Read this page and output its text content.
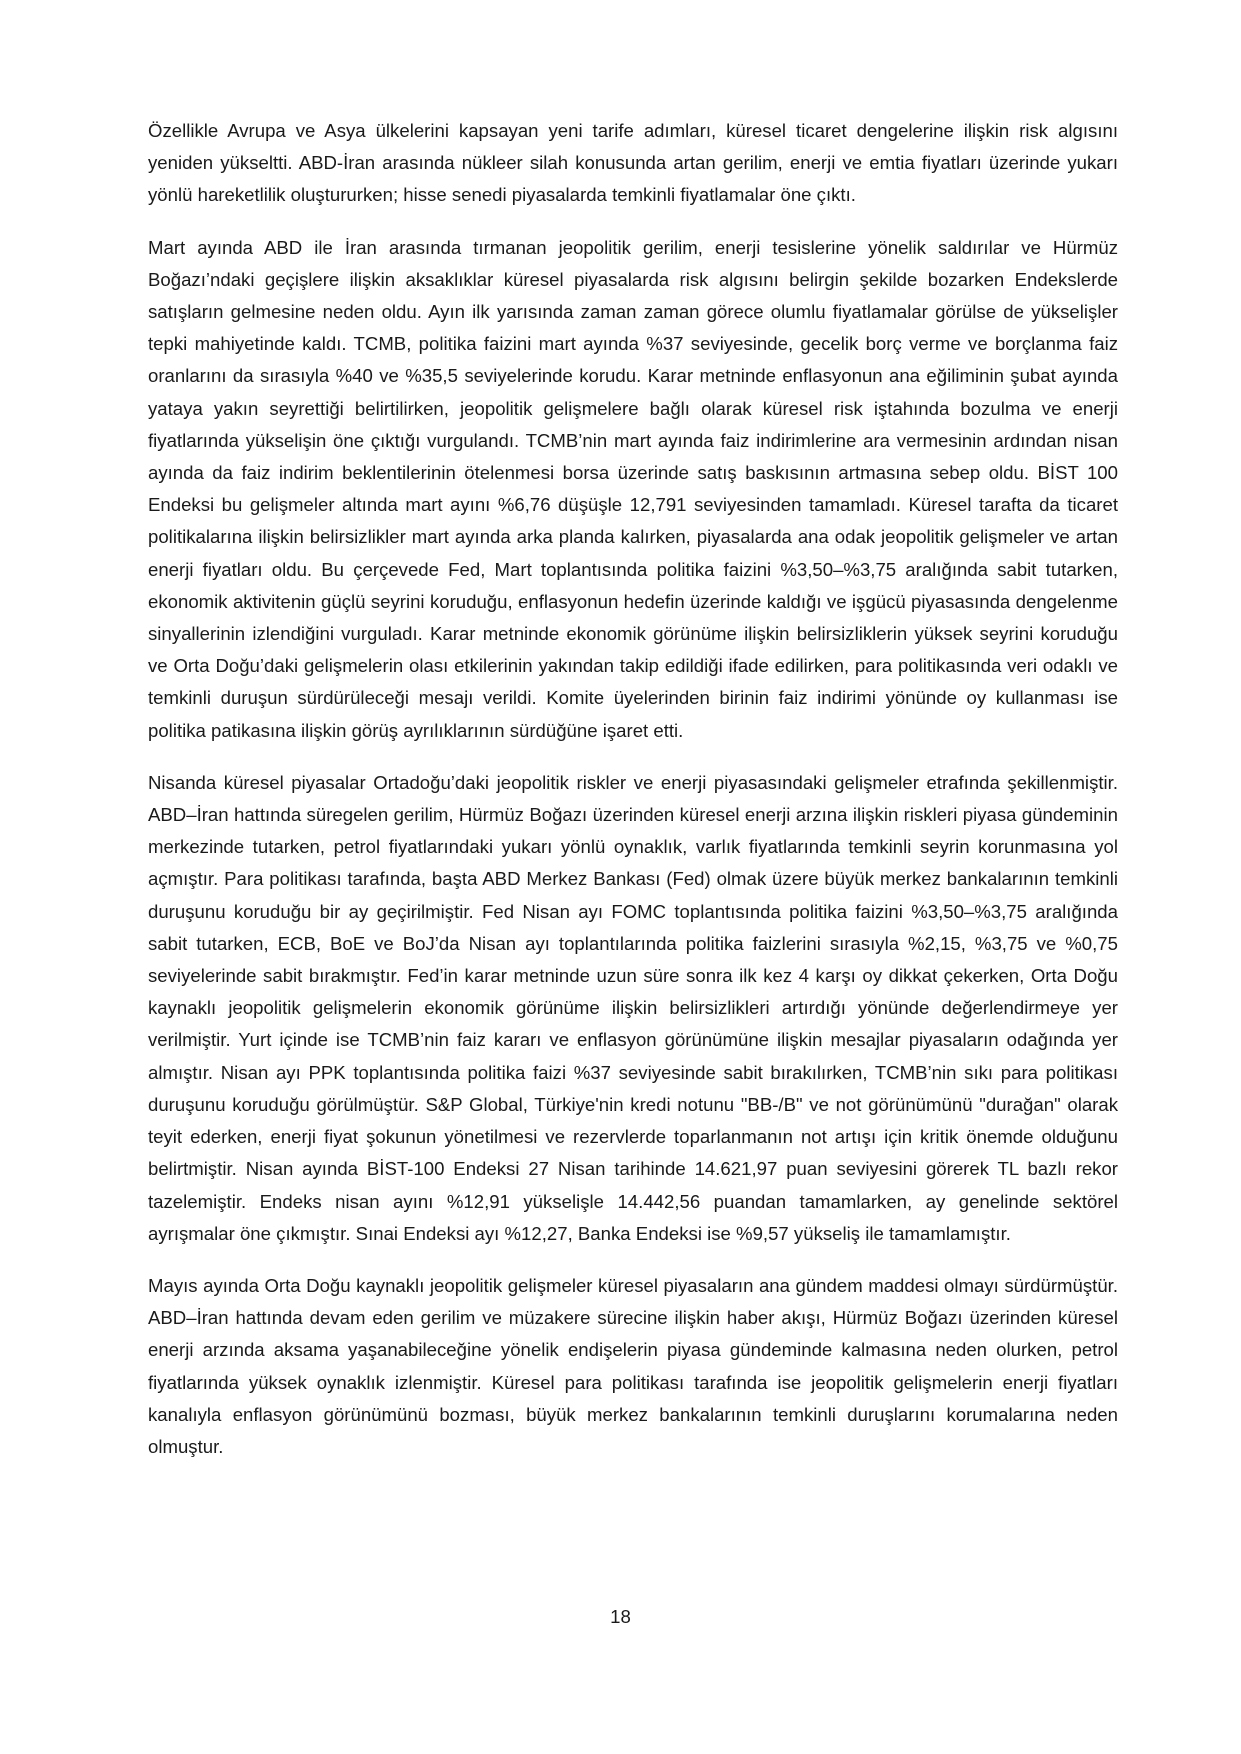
Özellikle Avrupa ve Asya ülkelerini kapsayan yeni tarife adımları, küresel ticaret dengelerine ilişkin risk algısını yeniden yükseltti. ABD-İran arasında nükleer silah konusunda artan gerilim, enerji ve emtia fiyatları üzerinde yukarı yönlü hareketlilik oluştururken; hisse senedi piyasalarda temkinli fiyatlamalar öne çıktı.

Mart ayında ABD ile İran arasında tırmanan jeopolitik gerilim, enerji tesislerine yönelik saldırılar ve Hürmüz Boğazı’ndaki geçişlere ilişkin aksaklıklar küresel piyasalarda risk algısını belirgin şekilde bozarken Endekslerde satışların gelmesine neden oldu. Ayın ilk yarısında zaman zaman görece olumlu fiyatlamalar görülse de yükselişler tepki mahiyetinde kaldı. TCMB, politika faizini mart ayında %37 seviyesinde, gecelik borç verme ve borçlanma faiz oranlarını da sırasıyla %40 ve %35,5 seviyelerinde korudu. Karar metninde enflasyonun ana eğiliminin şubat ayında yataya yakın seyrettiği belirtilirken, jeopolitik gelişmelere bağlı olarak küresel risk iştahında bozulma ve enerji fiyatlarında yükselişin öne çıktığı vurgulandı. TCMB’nin mart ayında faiz indirimlerine ara vermesinin ardından nisan ayında da faiz indirim beklentilerinin ötelenmesi borsa üzerinde satış baskısının artmasına sebep oldu. BİST 100 Endeksi bu gelişmeler altında mart ayını %6,76 düşüşle 12,791 seviyesinden tamamladı. Küresel tarafta da ticaret politikalarına ilişkin belirsizlikler mart ayında arka planda kalırken, piyasalarda ana odak jeopolitik gelişmeler ve artan enerji fiyatları oldu. Bu çerçevede Fed, Mart toplantısında politika faizini %3,50–%3,75 aralığında sabit tutarken, ekonomik aktivitenin güçlü seyrini koruduğu, enflasyonun hedefin üzerinde kaldığı ve işgücü piyasasında dengelenme sinyallerinin izlendiğini vurguladı. Karar metninde ekonomik görünüme ilişkin belirsizliklerin yüksek seyrini koruduğu ve Orta Doğu’daki gelişmelerin olası etkilerinin yakından takip edildiği ifade edilirken, para politikasında veri odaklı ve temkinli duruşun sürdürüleceği mesajı verildi. Komite üyelerinden birinin faiz indirimi yönünde oy kullanması ise politika patikasına ilişkin görüş ayrılıklarının sürdüğüne işaret etti.

Nisanda küresel piyasalar Ortadoğu’daki jeopolitik riskler ve enerji piyasasındaki gelişmeler etrafında şekillenmiştir. ABD–İran hattında süregelen gerilim, Hürmüz Boğazı üzerinden küresel enerji arzına ilişkin riskleri piyasa gündeminin merkezinde tutarken, petrol fiyatlarındaki yukarı yönlü oynaklık, varlık fiyatlarında temkinli seyrin korunmasına yol açmıştır. Para politikası tarafında, başta ABD Merkez Bankası (Fed) olmak üzere büyük merkez bankalarının temkinli duruşunu koruduğu bir ay geçirilmiştir. Fed Nisan ayı FOMC toplantısında politika faizini %3,50–%3,75 aralığında sabit tutarken, ECB, BoE ve BoJ’da Nisan ayı toplantılarında politika faizlerini sırasıyla %2,15, %3,75 ve %0,75 seviyelerinde sabit bırakmıştır. Fed’in karar metninde uzun süre sonra ilk kez 4 karşı oy dikkat çekerken, Orta Doğu kaynaklı jeopolitik gelişmelerin ekonomik görünüme ilişkin belirsizlikleri artırdığı yönünde değerlendirmeye yer verilmiştir. Yurt içinde ise TCMB’nin faiz kararı ve enflasyon görünümüne ilişkin mesajlar piyasaların odağında yer almıştır. Nisan ayı PPK toplantısında politika faizi %37 seviyesinde sabit bırakılırken, TCMB’nin sıkı para politikası duruşunu koruduğu görülmüştür. S&P Global, Türkiye'nin kredi notunu "BB-/B" ve not görünümünü "durağan" olarak teyit ederken, enerji fiyat şokunun yönetilmesi ve rezervlerde toparlanmanın not artışı için kritik önemde olduğunu belirtmiştir. Nisan ayında BİST-100 Endeksi 27 Nisan tarihinde 14.621,97 puan seviyesini görerek TL bazlı rekor tazelemiştir. Endeks nisan ayını %12,91 yükselişle 14.442,56 puandan tamamlarken, ay genelinde sektörel ayrışmalar öne çıkmıştır. Sınai Endeksi ayı %12,27, Banka Endeksi ise %9,57 yükseliş ile tamamlamıştır.

Mayıs ayında Orta Doğu kaynaklı jeopolitik gelişmeler küresel piyasaların ana gündem maddesi olmayı sürdürmüştür. ABD–İran hattında devam eden gerilim ve müzakere sürecine ilişkin haber akışı, Hürmüz Boğazı üzerinden küresel enerji arzında aksama yaşanabileceğine yönelik endişelerin piyasa gündeminde kalmasına neden olurken, petrol fiyatlarında yüksek oynaklık izlenmiştir. Küresel para politikası tarafında ise jeopolitik gelişmelerin enerji fiyatları kanalıyla enflasyon görünümünü bozması, büyük merkez bankalarının temkinli duruşlarını korumalarına neden olmuştur.

18
